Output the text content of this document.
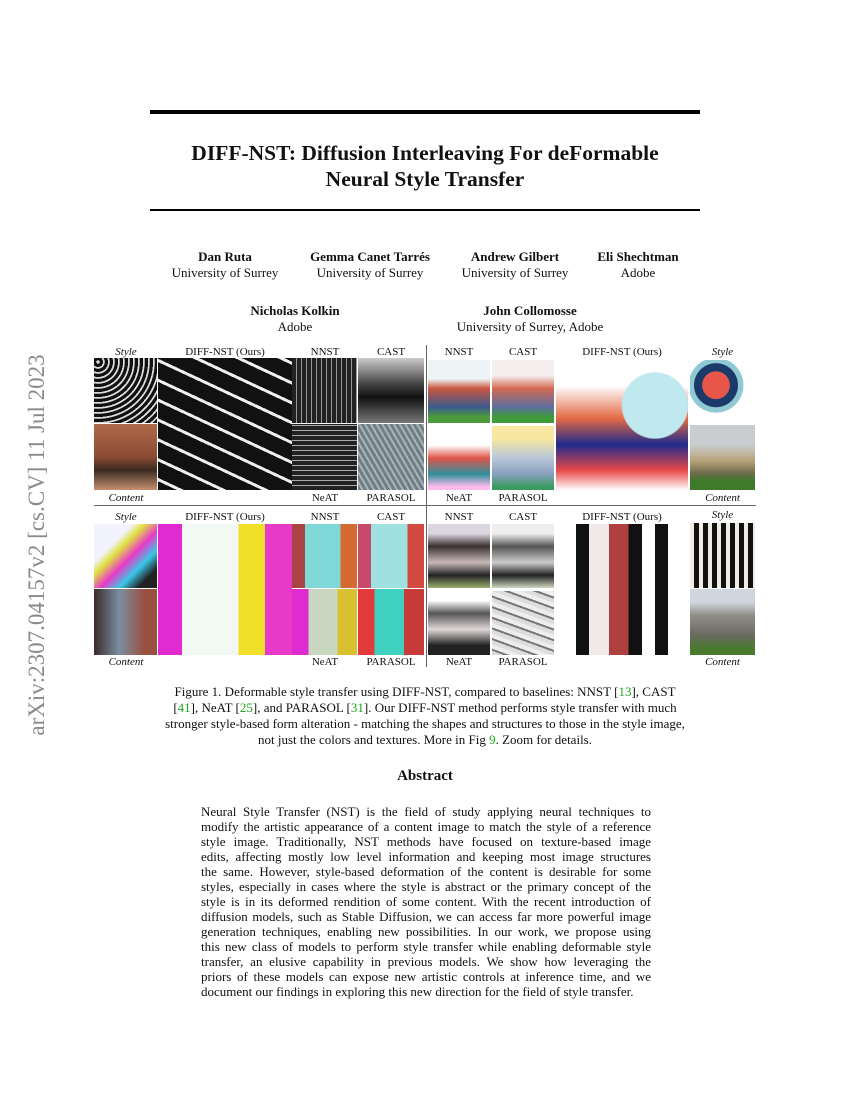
arXiv:2307.04157v2 [cs.CV] 11 Jul 2023
DIFF-NST: Diffusion Interleaving For deFormable
Neural Style Transfer
Dan Ruta
University of Surrey
Gemma Canet Tarrés
University of Surrey
Andrew Gilbert
University of Surrey
Eli Shechtman
Adobe
Nicholas Kolkin
Adobe
John Collomosse
University of Surrey, Adobe
Style	DIFF-NST (Ours)	NNST	CAST
Content	NeAT	PARASOL
NNST	CAST	DIFF-NST (Ours)	Style
NeAT	PARASOL	Content
Style	DIFF-NST (Ours)	NNST	CAST
Content	NeAT	PARASOL
NNST	CAST	DIFF-NST (Ours)	Style
NeAT	PARASOL	Content
Figure 1. Deformable style transfer using DIFF-NST, compared to baselines: NNST [13], CAST
[41], NeAT [25], and PARASOL [31]. Our DIFF-NST method performs style transfer with much
stronger style-based form alteration - matching the shapes and structures to those in the style image,
not just the colors and textures. More in Fig 9. Zoom for details.
Abstract
Neural Style Transfer (NST) is the field of study applying neural techniques to
modify the artistic appearance of a content image to match the style of a reference
style image. Traditionally, NST methods have focused on texture-based image
edits, affecting mostly low level information and keeping most image structures
the same. However, style-based deformation of the content is desirable for some
styles, especially in cases where the style is abstract or the primary concept of the
style is in its deformed rendition of some content. With the recent introduction of
diffusion models, such as Stable Diffusion, we can access far more powerful image
generation techniques, enabling new possibilities. In our work, we propose using
this new class of models to perform style transfer while enabling deformable style
transfer, an elusive capability in previous models. We show how leveraging the
priors of these models can expose new artistic controls at inference time, and we
document our findings in exploring this new direction for the field of style transfer.
